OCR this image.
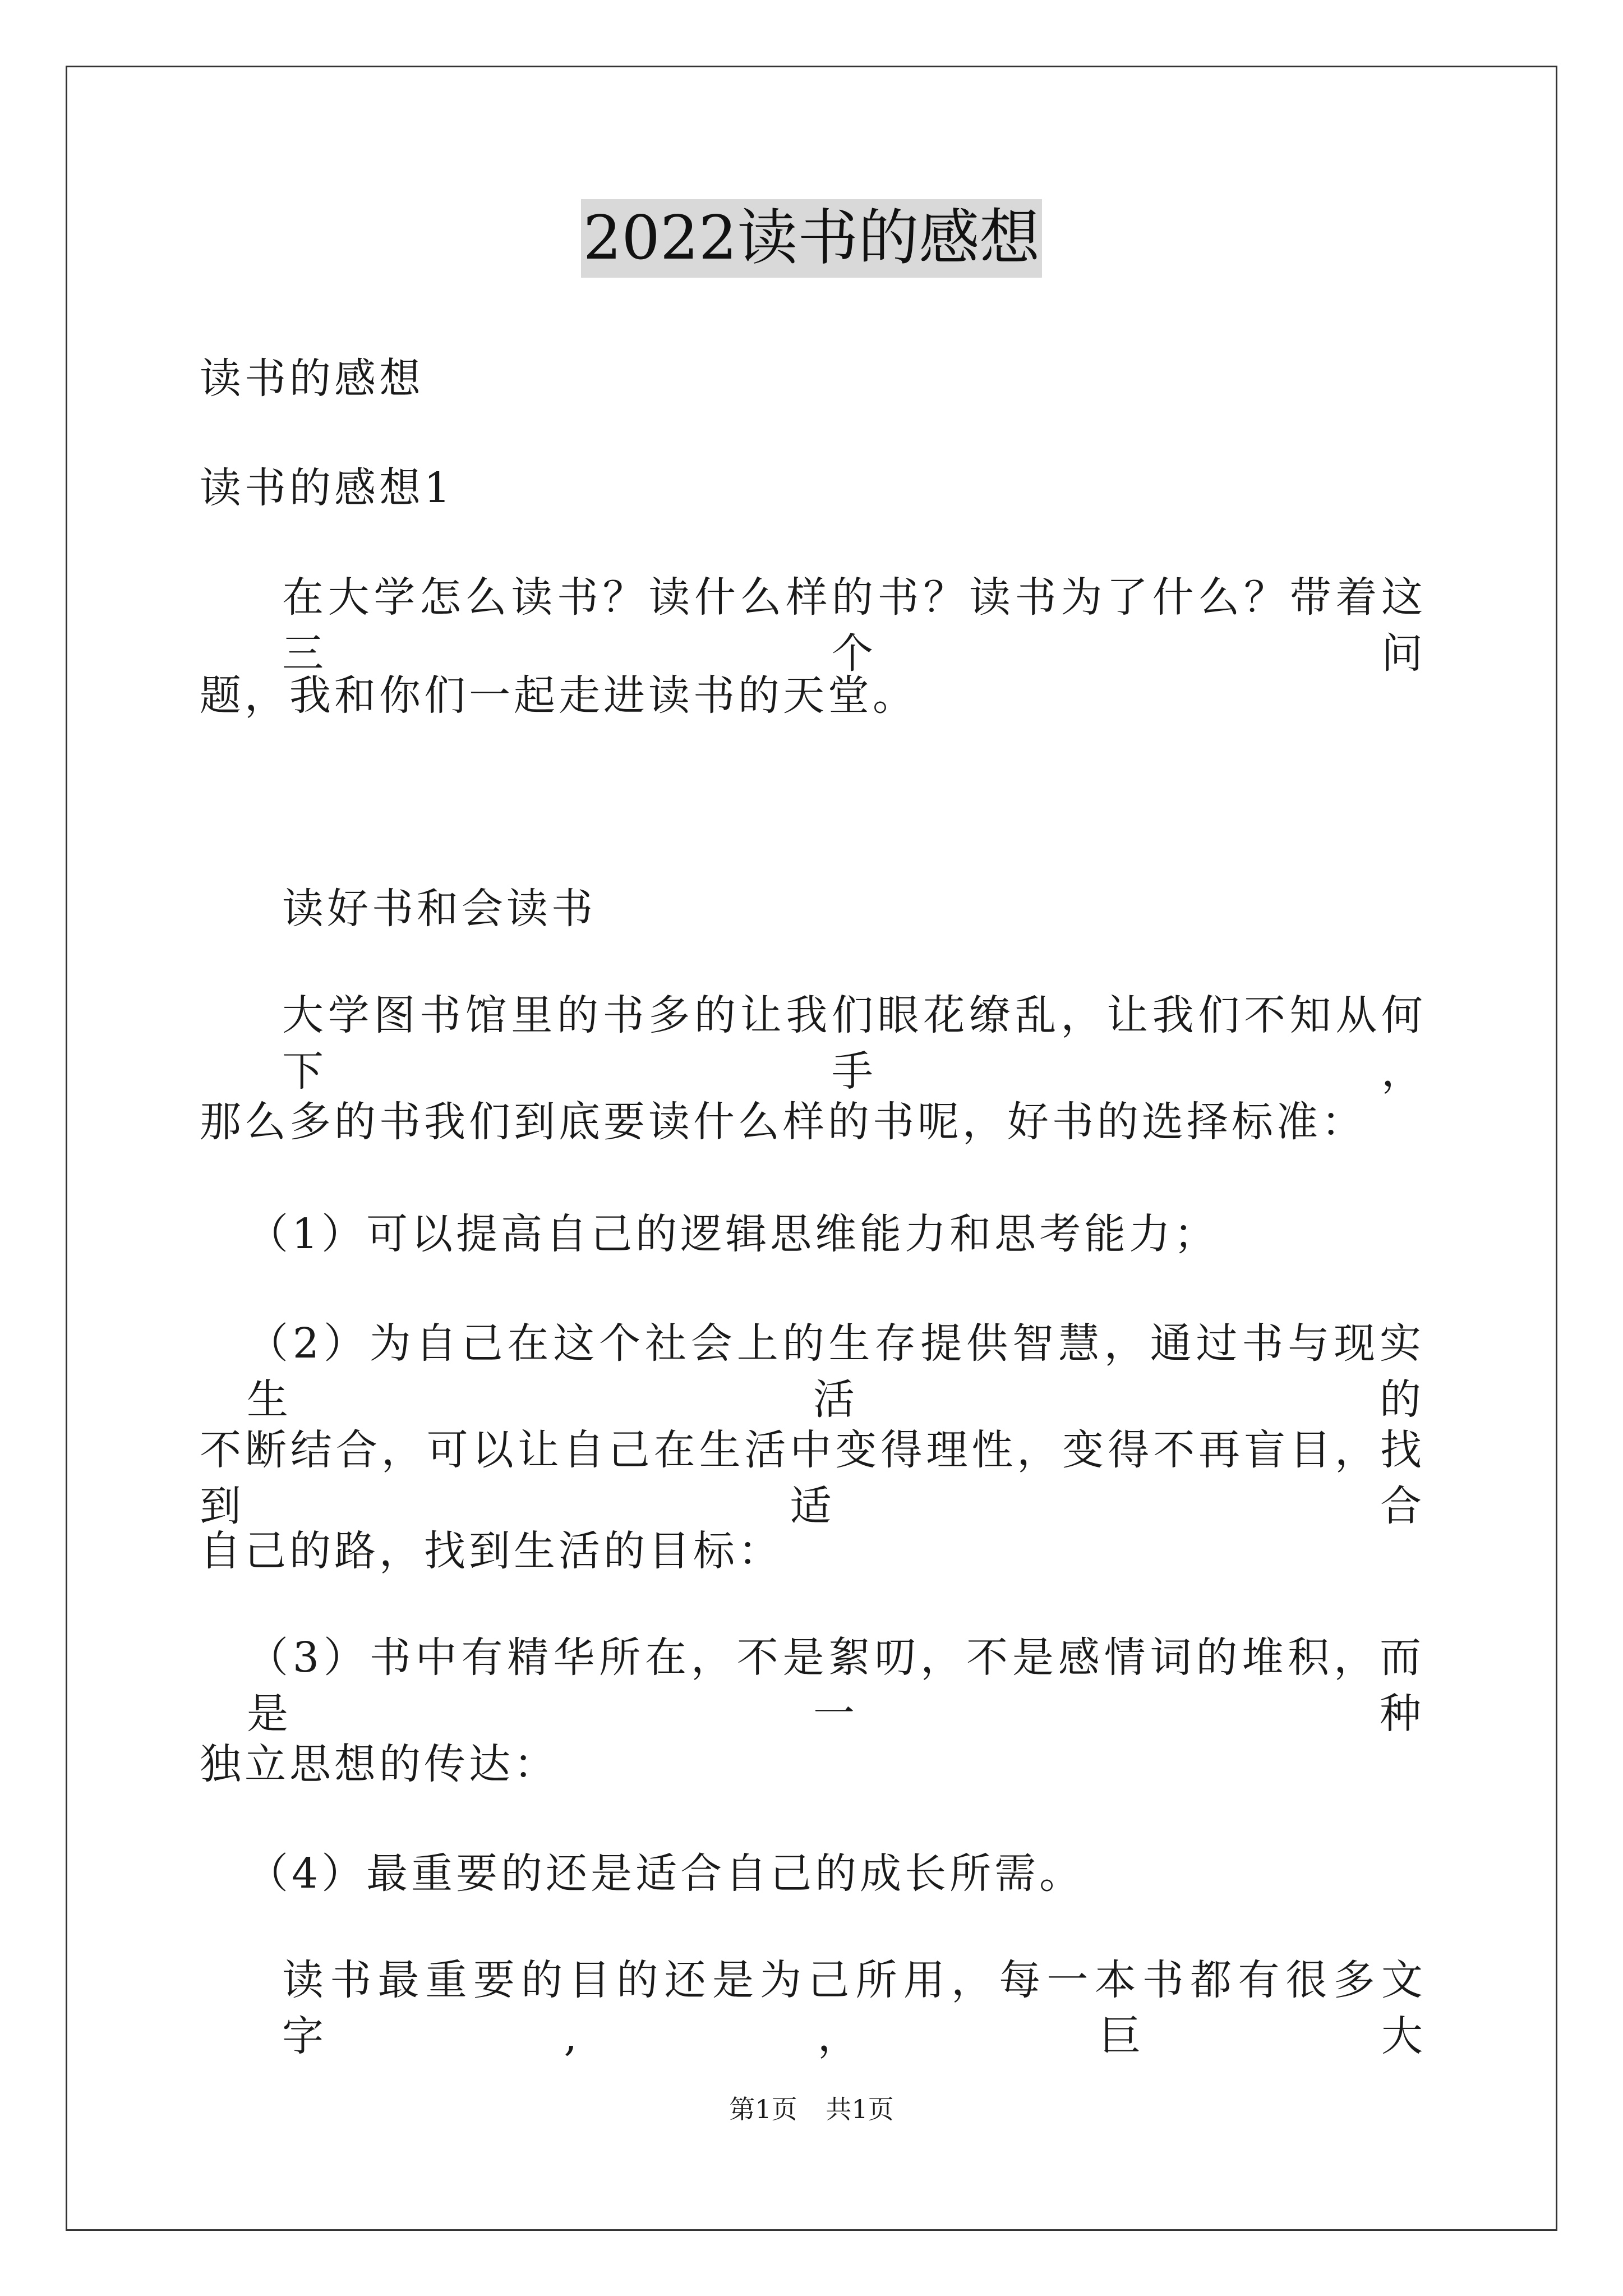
2022读书的感想
读书的感想
读书的感想1
在大学怎么读书？读什么样的书？读书为了什么？带着这三个问
题，我和你们一起走进读书的天堂。
读好书和会读书
大学图书馆里的书多的让我们眼花缭乱，让我们不知从何下手，
那么多的书我们到底要读什么样的书呢，好书的选择标准：
（1）可以提高自己的逻辑思维能力和思考能力；
（2）为自己在这个社会上的生存提供智慧，通过书与现实生活的
不断结合，可以让自己在生活中变得理性，变得不再盲目，找到适合
自己的路，找到生活的目标：
（3）书中有精华所在，不是絮叨，不是感情词的堆积，而是一种
独立思想的传达：
（4）最重要的还是适合自己的成长所需。
读书最重要的目的还是为己所用，每一本书都有很多文字,，巨大
第1页 共1页
